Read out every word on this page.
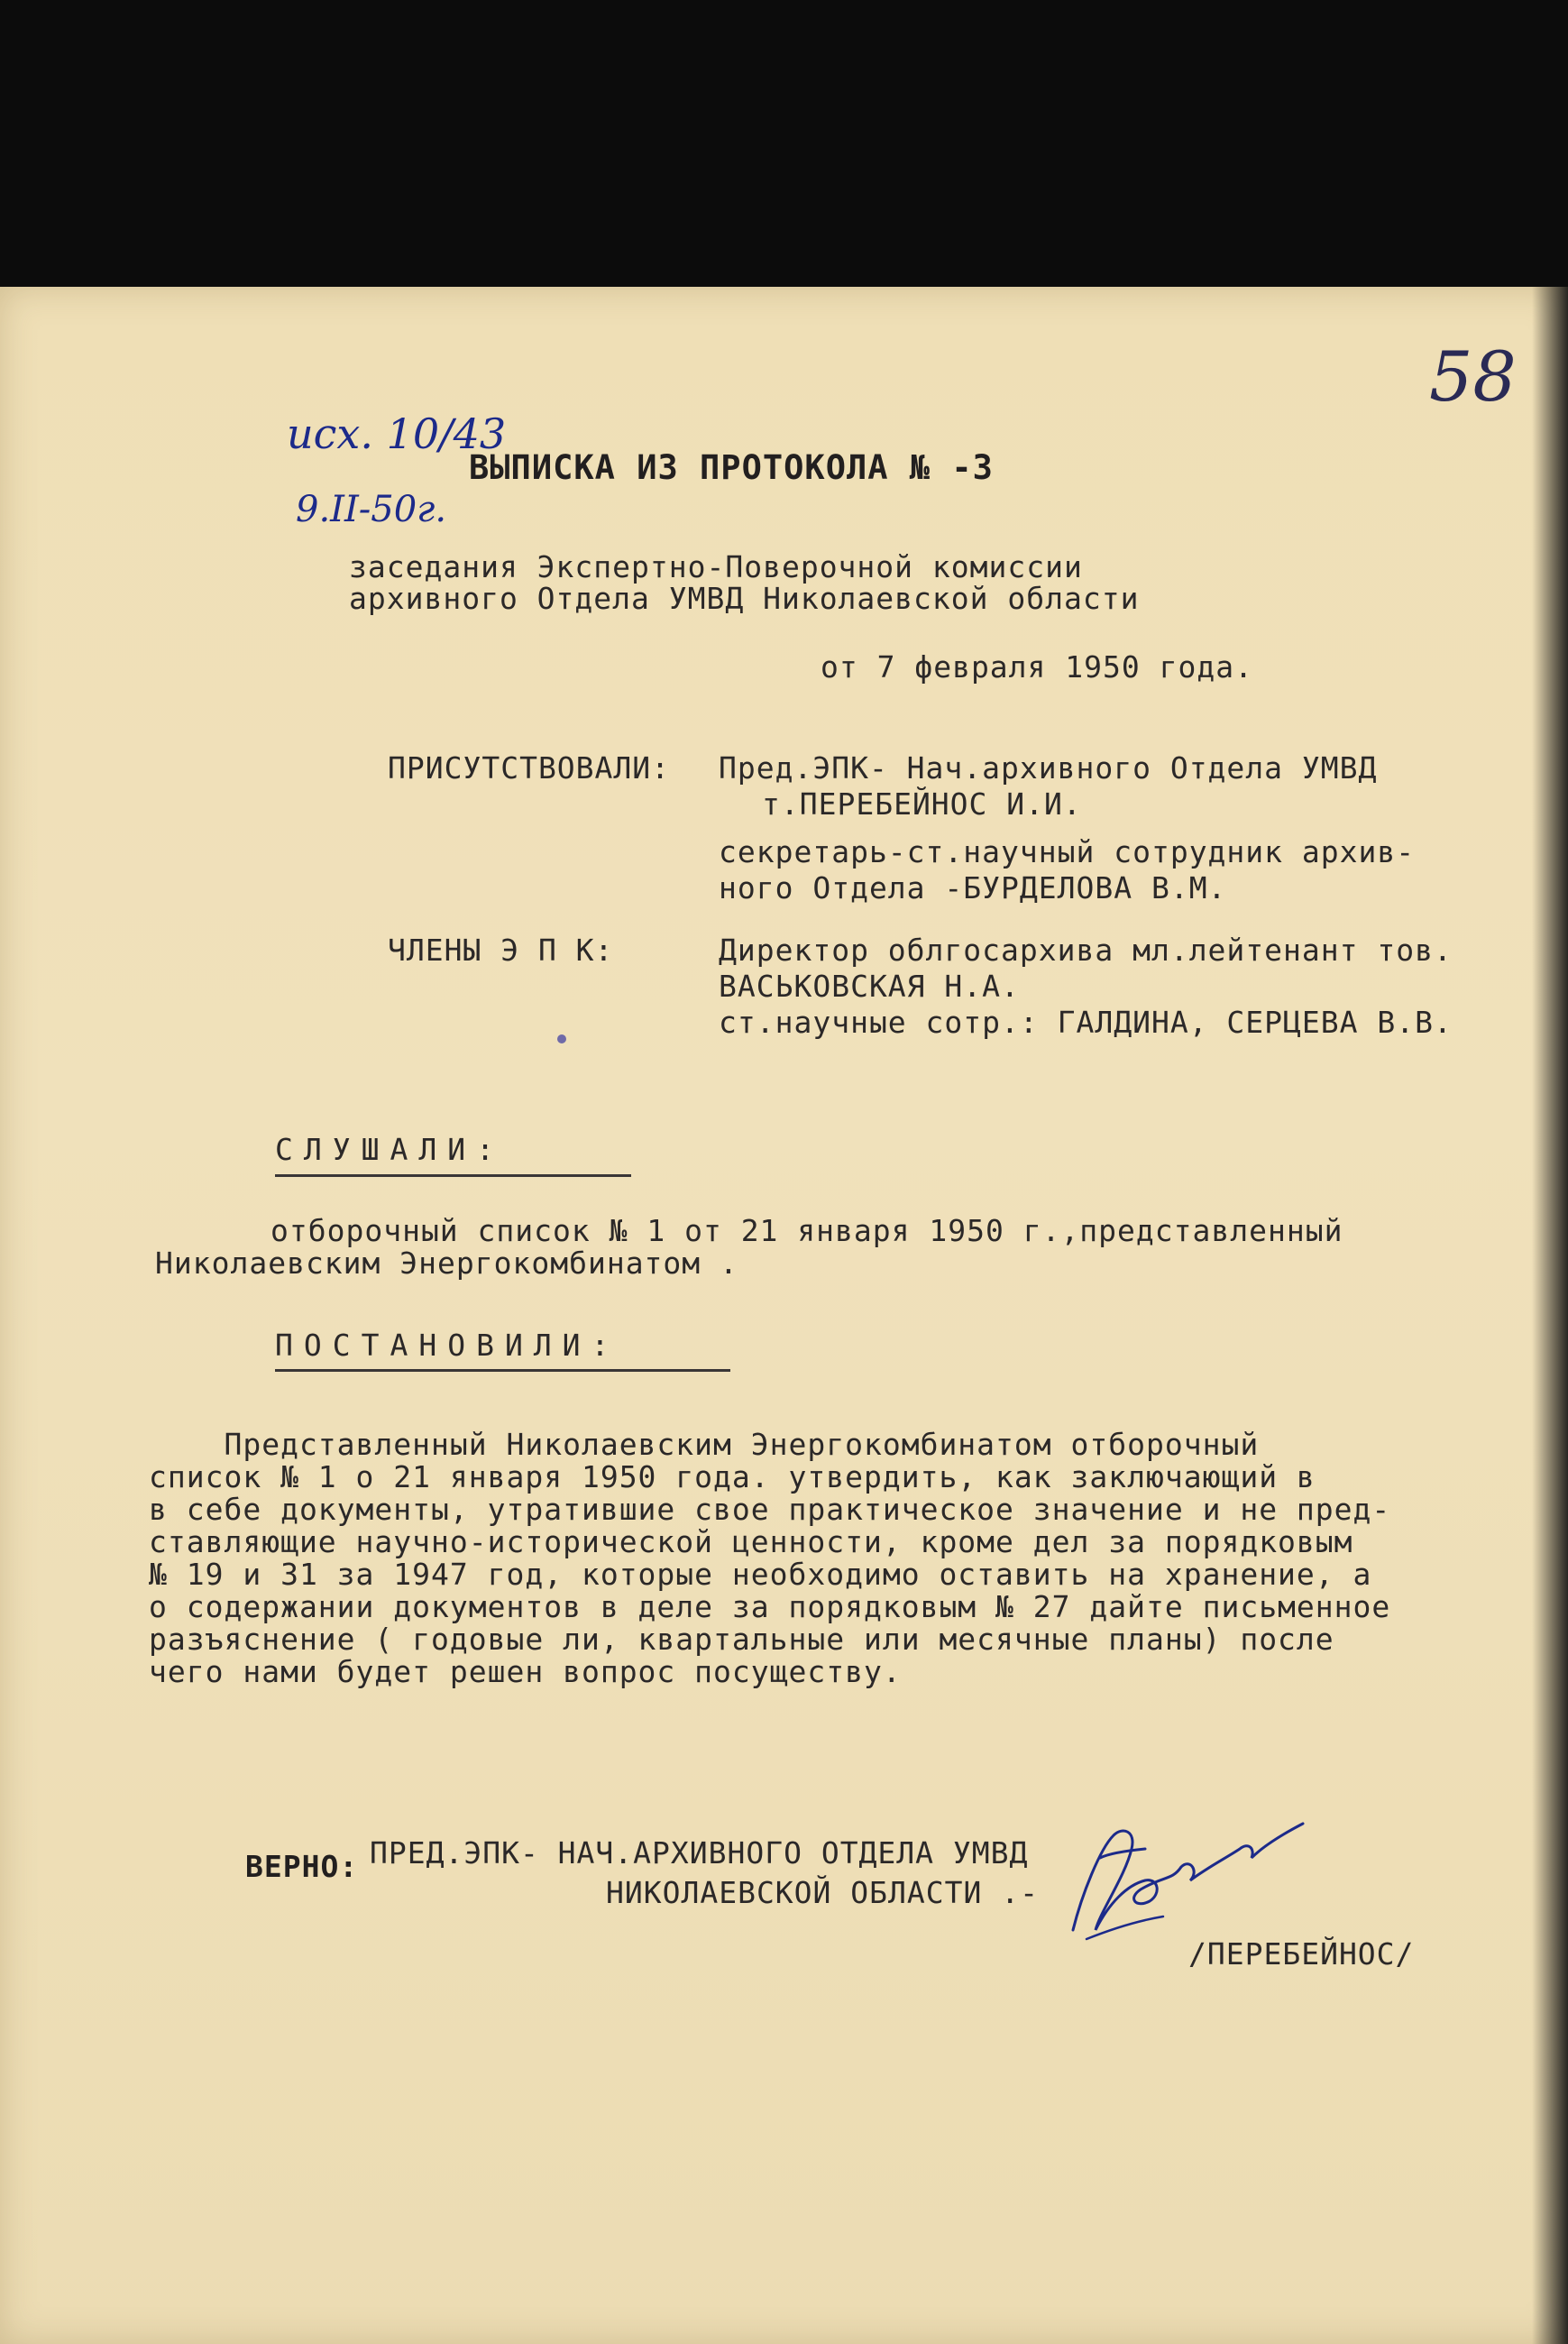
исх. 10/43
9.II-50г.
58
ВЫПИСКА ИЗ ПРОТОКОЛА № -3
заседания Экспертно-Поверочной комиссии
архивного Отдела УМВД Николаевской области
от 7 февраля 1950 года.
ПРИСУТСТВОВАЛИ: Пред.ЭПК- Нач.архивного Отдела УМВД
т.ПЕРЕБЕЙНОС И.И.
секретарь-ст.научный сотрудник архив-
ного Отдела -БУРДЕЛОВА В.М.
ЧЛЕНЫ Э П К:	Директор облгосархива мл.лейтенант тов.
ВАСЬКОВСКАЯ Н.А.
ст.научные сотр.: ГАЛДИНА, СЕРЦЕВА В.В.
СЛУШАЛИ:
отборочный список № 1 от 21 января 1950 г.,представленный
Николаевским Энергокомбинатом .
ПОСТАНОВИЛИ:
Представленный Николаевским Энергокомбинатом отборочный
список № 1 о 21 января 1950 года. утвердить, как заключающий в
в себе документы, утратившие свое практическое значение и не пред-
ставляющие научно-исторической ценности, кроме дел за порядковым
№ 19 и 31 за 1947 год, которые необходимо оставить на хранение, а
о содержании документов в деле за порядковым № 27 дайте письменное
разъяснение ( годовые ли, квартальные или месячные планы) после
чего нами будет решен вопрос посуществу.
ВЕРНО: ПРЕД.ЭПК- НАЧ.АРХИВНОГО ОТДЕЛА УМВД
НИКОЛАЕВСКОЙ ОБЛАСТИ .-
/ПЕРЕБЕЙНОС/
